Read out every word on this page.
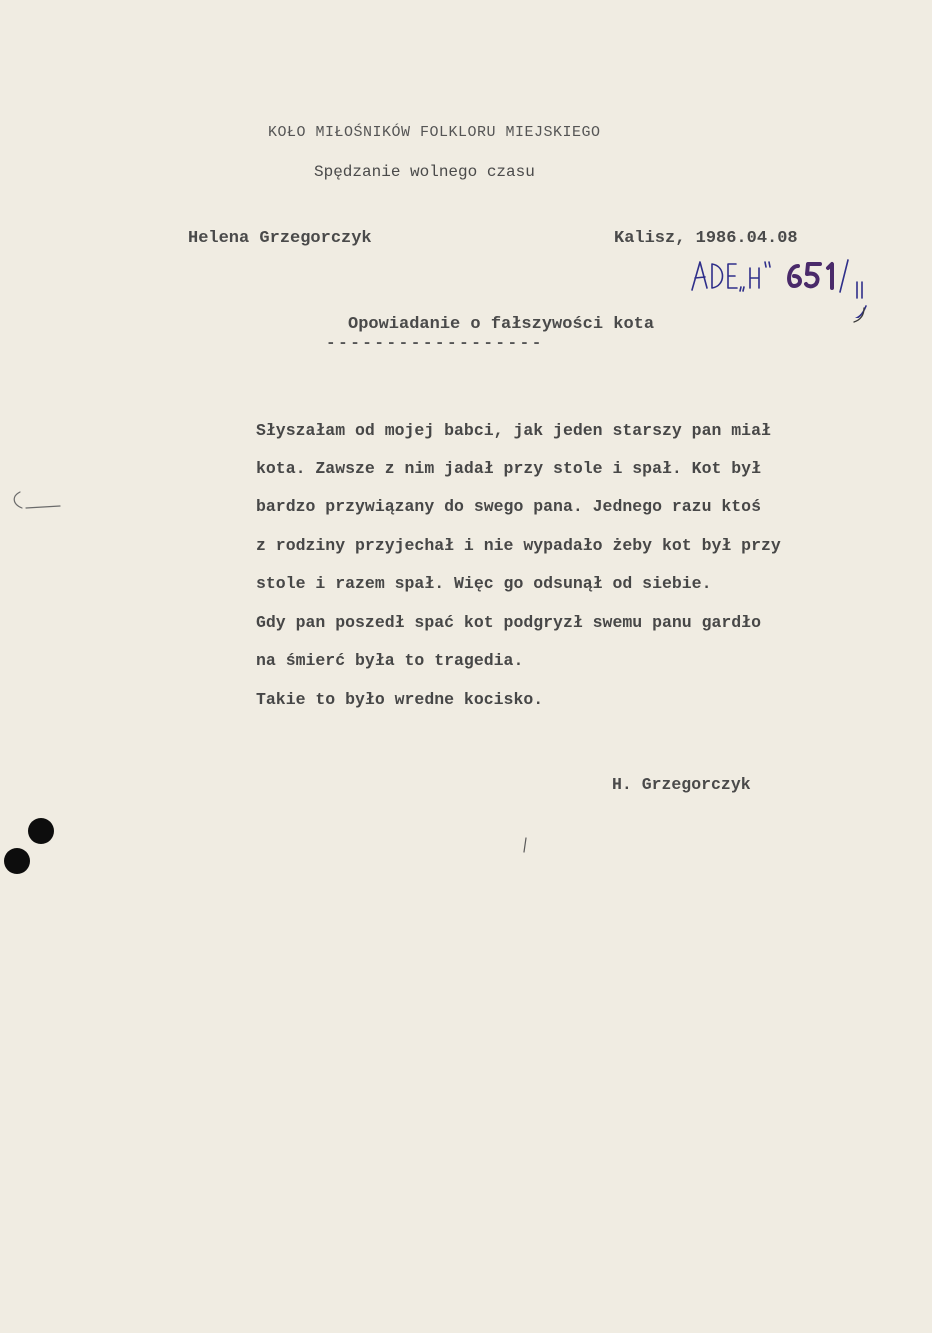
KOŁO MIŁOŚNIKÓW FOLKLORU MIEJSKIEGO
Spędzanie wolnego czasu
Helena Grzegorczyk	Kalisz, 1986.04.08
Opowiadanie o fałszywości kota
------------------
Słyszałam od mojej babci, jak jeden starszy pan miał
kota. Zawsze z nim jadał przy stole i spał. Kot był
bardzo przywiązany do swego pana. Jednego razu ktoś
z rodziny przyjechał i nie wypadało żeby kot był przy
stole i razem spał. Więc go odsunął od siebie.
Gdy pan poszedł spać kot podgryzł swemu panu gardło
na śmierć była to tragedia.
Takie to było wredne kocisko.
H. Grzegorczyk
